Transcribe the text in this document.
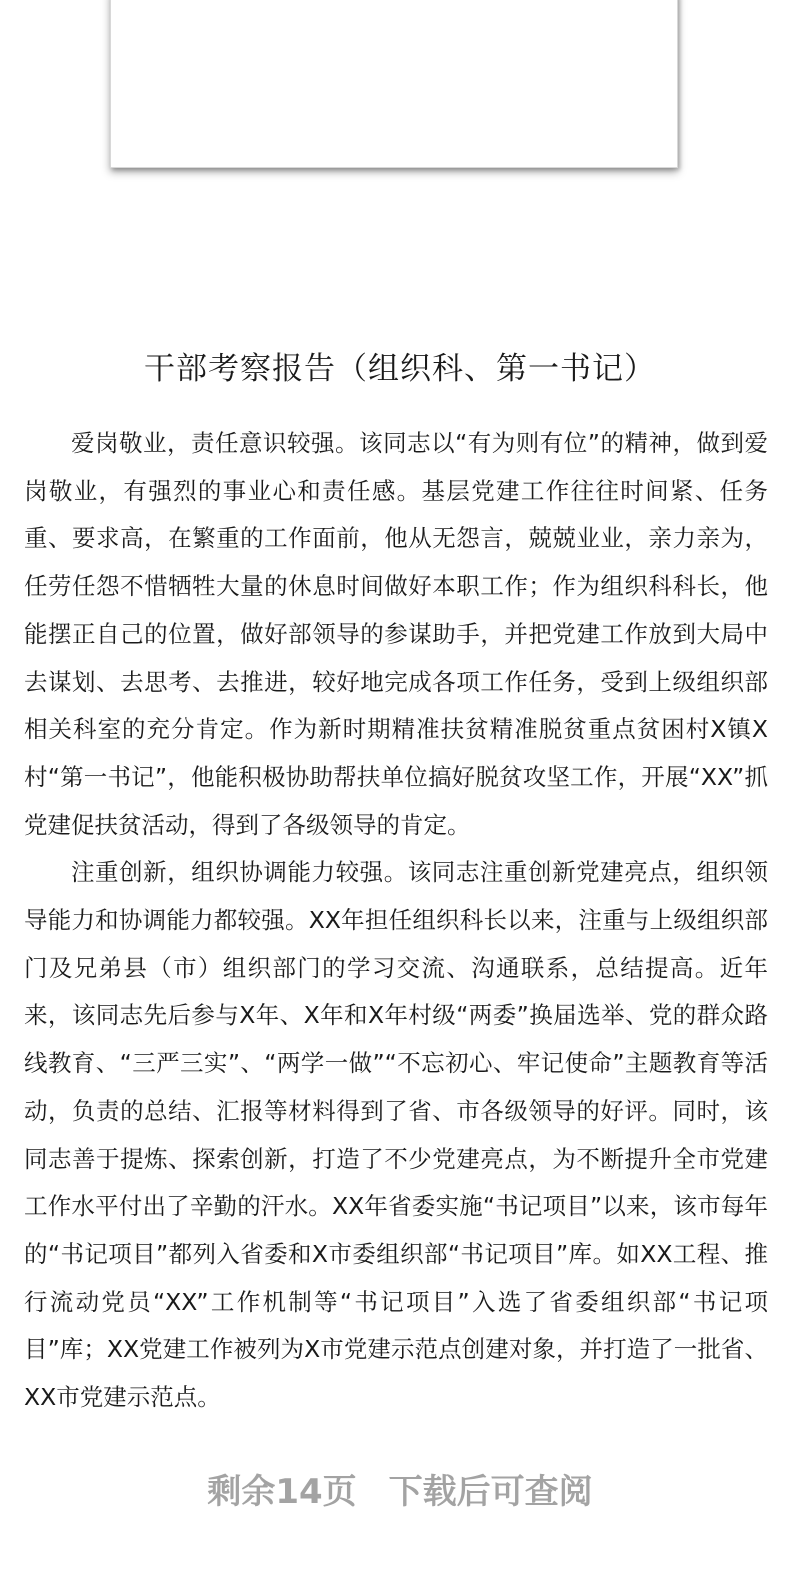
干部考察报告（组织科、第一书记）

爱岗敬业，责任意识较强。该同志以“有为则有位”的精神，做到爱岗敬业，有强烈的事业心和责任感。基层党建工作往往时间紧、任务重、要求高，在繁重的工作面前，他从无怨言，兢兢业业，亲力亲为，任劳任怨不惜牺牲大量的休息时间做好本职工作；作为组织科科长，他能摆正自己的位置，做好部领导的参谋助手，并把党建工作放到大局中去谋划、去思考、去推进，较好地完成各项工作任务，受到上级组织部相关科室的充分肯定。作为新时期精准扶贫精准脱贫重点贫困村X镇X村“第一书记”，他能积极协助帮扶单位搞好脱贫攻坚工作，开展“XX”抓党建促扶贫活动，得到了各级领导的肯定。

注重创新，组织协调能力较强。该同志注重创新党建亮点，组织领导能力和协调能力都较强。XX年担任组织科长以来，注重与上级组织部门及兄弟县（市）组织部门的学习交流、沟通联系，总结提高。近年来，该同志先后参与X年、X年和X年村级“两委”换届选举、党的群众路线教育、“三严三实”、“两学一做”“不忘初心、牢记使命”主题教育等活动，负责的总结、汇报等材料得到了省、市各级领导的好评。同时，该同志善于提炼、探索创新，打造了不少党建亮点，为不断提升全市党建工作水平付出了辛勤的汗水。XX年省委实施“书记项目”以来，该市每年的“书记项目”都列入省委和X市委组织部“书记项目”库。如XX工程、推行流动党员“XX”工作机制等“书记项目”入选了省委组织部“书记项目”库；XX党建工作被列为X市党建示范点创建对象，并打造了一批省、XX市党建示范点。

剩余14页 下载后可查阅
